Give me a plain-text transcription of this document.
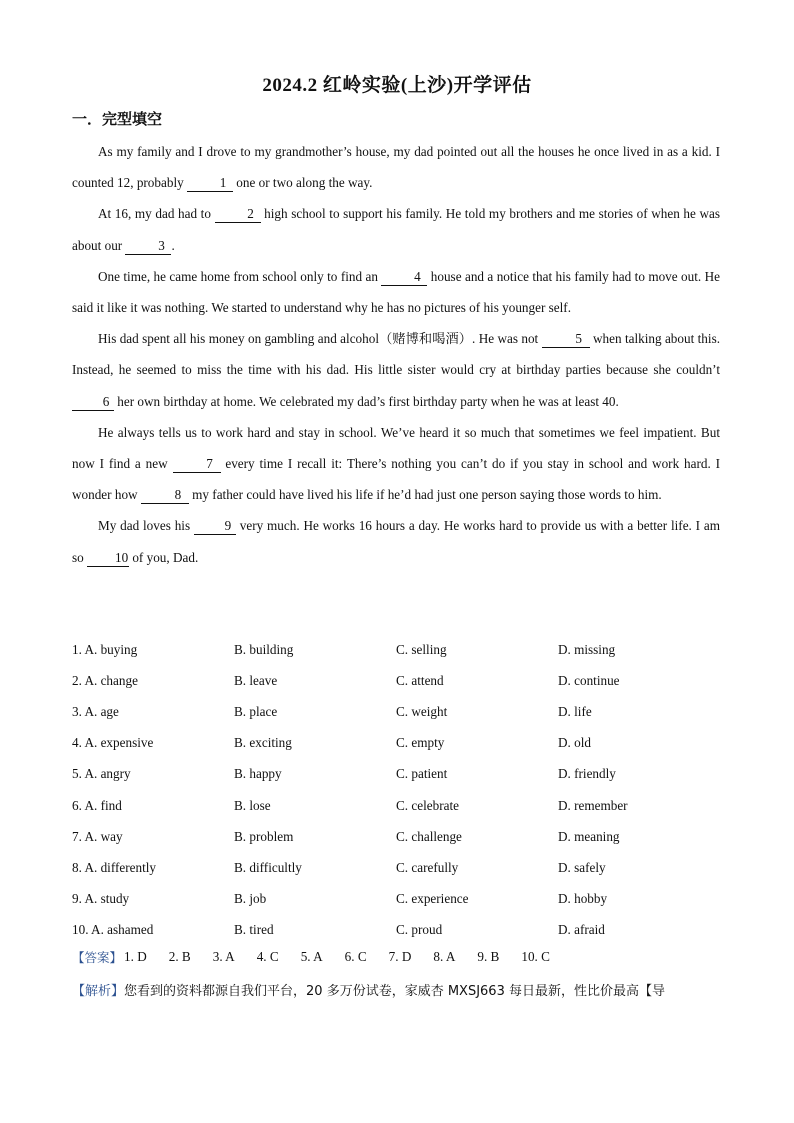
2024.2 红岭实验(上沙)开学评估
一．完型填空

As my family and I drove to my grandmother’s house, my dad pointed out all the houses he once lived in as a kid. I counted 12, probably 1 one or two along the way.

At 16, my dad had to 2 high school to support his family. He told my brothers and me stories of when he was about our 3 .

One time, he came home from school only to find an 4 house and a notice that his family had to move out. He said it like it was nothing. We started to understand why he has no pictures of his younger self.

His dad spent all his money on gambling and alcohol（赌博和喝酒）. He was not	5 when talking about this. Instead, he seemed to miss the time with his dad. His little sister would cry at birthday parties because she couldn’t 6 her own birthday at home. We celebrated my dad’s first birthday party when he was at least 40.

He always tells us to work hard and stay in school. We’ve heard it so much that sometimes we feel impatient. But now I find a new	7 every time I recall it: There’s nothing you can’t do if you stay in school and work hard. I wonder how	8 my father could have lived his life if he’d had just one person saying those words to him.

My dad loves his 9 very much. He works 16 hours a day. He works hard to provide us with a better life. I am so 10 of you, Dad.

1. A. buying	B. building	C. selling	D. missing
2. A. change	B. leave	C. attend	D. continue
3. A. age	B. place	C. weight	D. life
4. A. expensive	B. exciting	C. empty	D. old
5. A. angry	B. happy	C. patient	D. friendly
6. A. find	B. lose	C. celebrate	D. remember
7. A. way	B. problem	C. challenge	D. meaning
8. A. differently	B. difficultly	C. carefully	D. safely
9. A. study	B. job	C. experience	D. hobby
10. A. ashamed	B. tired	C. proud	D. afraid
【答案】 1. D 2. B 3. A 4. C 5. A 6. C 7. D 8. A 9. B 10. C
【解析】您看到的资料都源自我们平台，20 多万份试卷，家威杏 MXSJ663 每日最新，性比价最高【导
